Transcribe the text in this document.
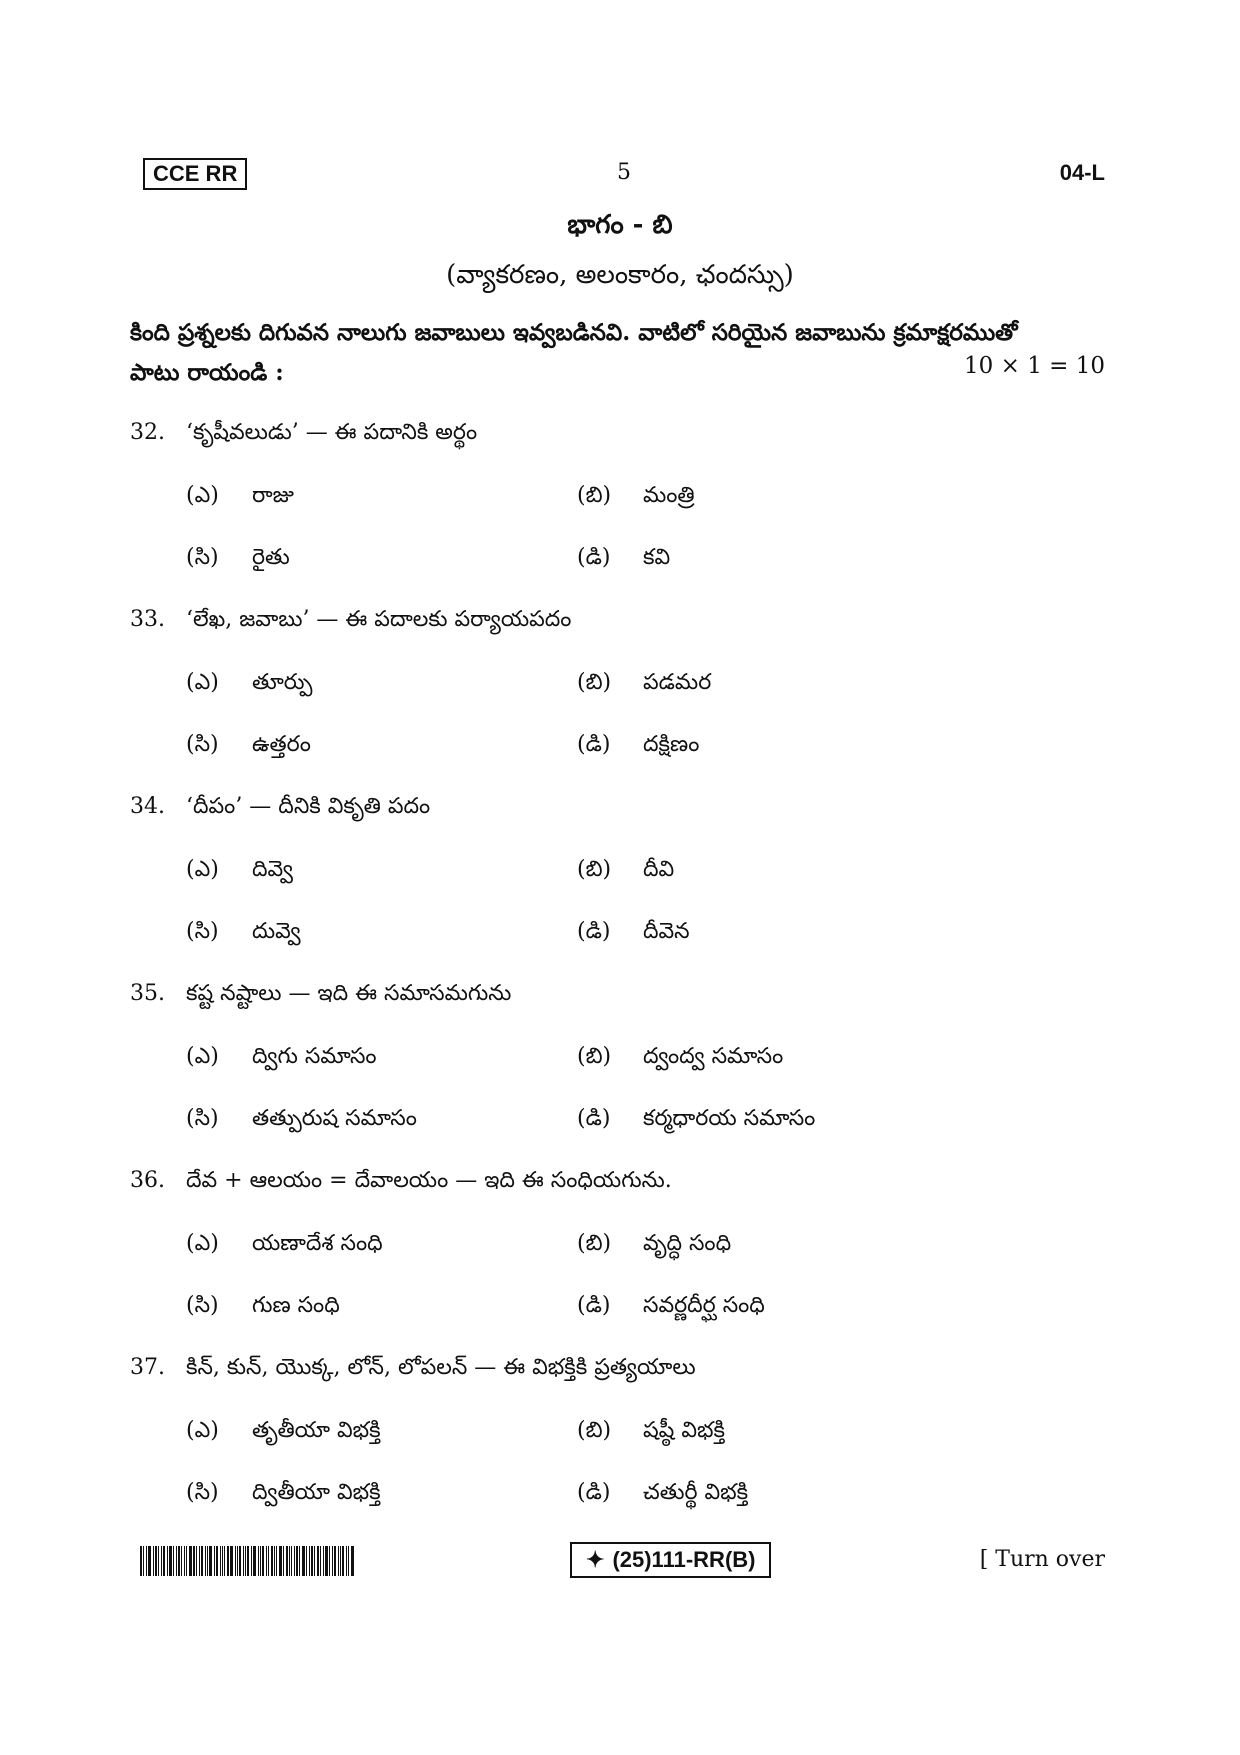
CCE RR	5	04-L
భాగం - బి
(వ్యాకరణం, అలంకారం, ఛందస్సు)
కింది ప్రశ్నలకు దిగువన నాలుగు జవాబులు ఇవ్వబడినవి. వాటిలో సరియైన జవాబును క్రమాక్షరముతో
పాటు రాయండి :	10 × 1 = 10
32. ‘కృషీవలుడు’ — ఈ పదానికి అర్థం
(ఎ) రాజు	(బి) మంత్రి
(సి) రైతు	(డి) కవి
33. ‘లేఖ, జవాబు’ — ఈ పదాలకు పర్యాయపదం
(ఎ) తూర్పు	(బి) పడమర
(సి) ఉత్తరం	(డి) దక్షిణం
34. ‘దీపం’ — దీనికి వికృతి పదం
(ఎ) దివ్వె	(బి) దీవి
(సి) దువ్వె	(డి) దీవెన
35. కష్ట నష్టాలు — ఇది ఈ సమాసమగును
(ఎ) ద్విగు సమాసం	(బి) ద్వంద్వ సమాసం
(సి) తత్పురుష సమాసం	(డి) కర్మధారయ సమాసం
36. దేవ + ఆలయం = దేవాలయం — ఇది ఈ సంధియగును.
(ఎ) యణాదేశ సంధి	(బి) వృద్ధి సంధి
(సి) గుణ సంధి	(డి) సవర్ణదీర్ఘ సంధి
37. కిన్, కున్, యొక్క, లోన్, లోపలన్ — ఈ విభక్తికి ప్రత్యయాలు
(ఎ) తృతీయా విభక్తి	(బి) షష్ఠీ విభక్తి
(సి) ద్వితీయా విభక్తి	(డి) చతుర్థీ విభక్తి
✦ (25)111-RR(B)	[ Turn over
